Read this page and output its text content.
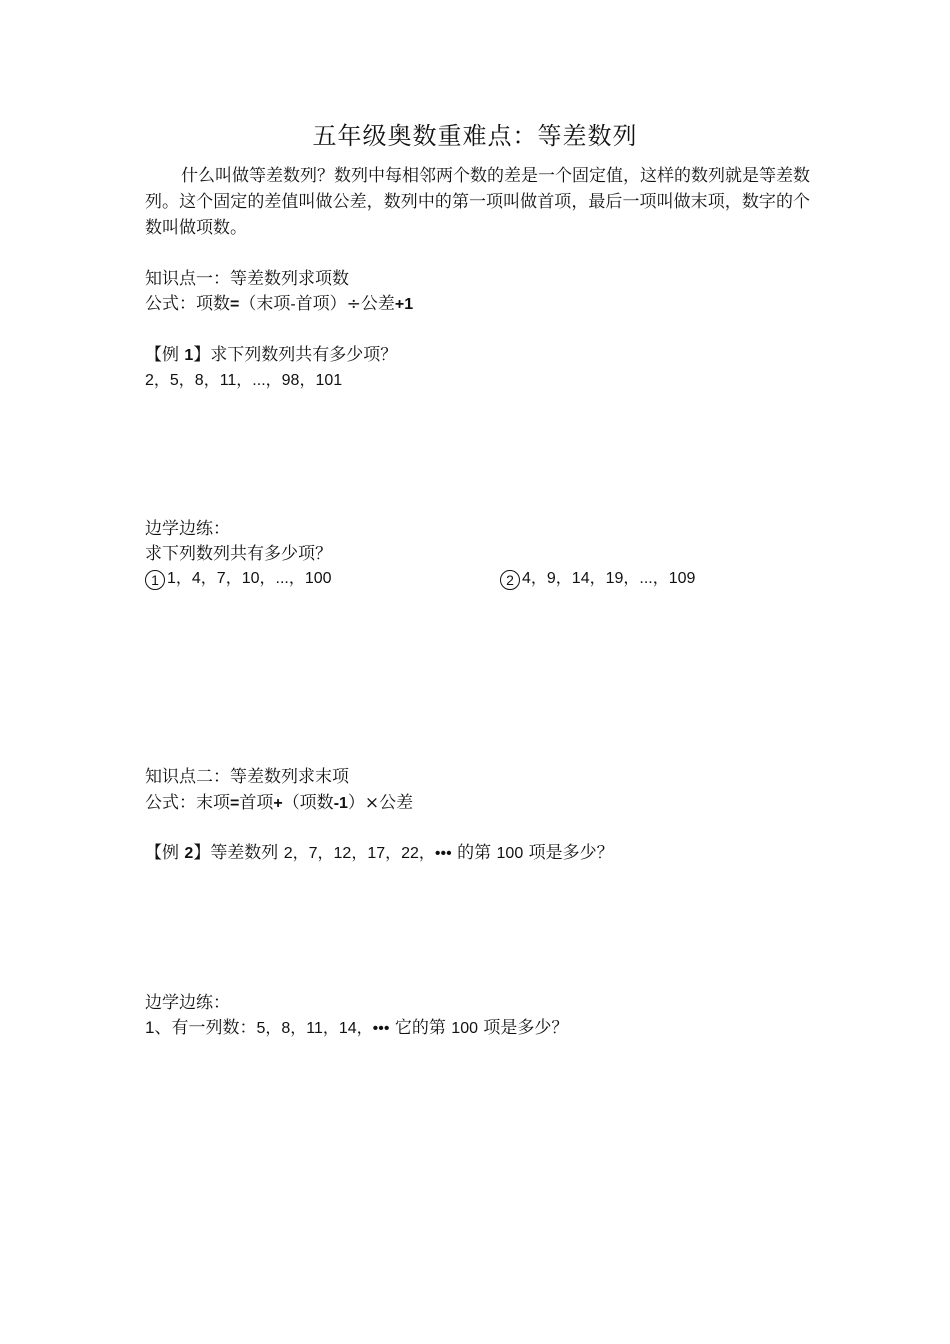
五年级奥数重难点：等差数列
什么叫做等差数列？数列中每相邻两个数的差是一个固定值，这样的数列就是等差数列。这个固定的差值叫做公差，数列中的第一项叫做首项，最后一项叫做末项，数字的个数叫做项数。
知识点一：等差数列求项数
公式：项数=（末项-首项）÷公差+1
【例 1】求下列数列共有多少项？
2，5，8，11，...，98，101
边学边练：
求下列数列共有多少项？
1 1，4，7，10，...，100	2 4，9，14，19，...，109
知识点二：等差数列求末项
公式：末项=首项+（项数-1）×公差
【例 2】等差数列 2，7，12，17，22，••• 的第 100 项是多少？
边学边练：
1、有一列数：5，8，11，14，••• 它的第 100 项是多少？
